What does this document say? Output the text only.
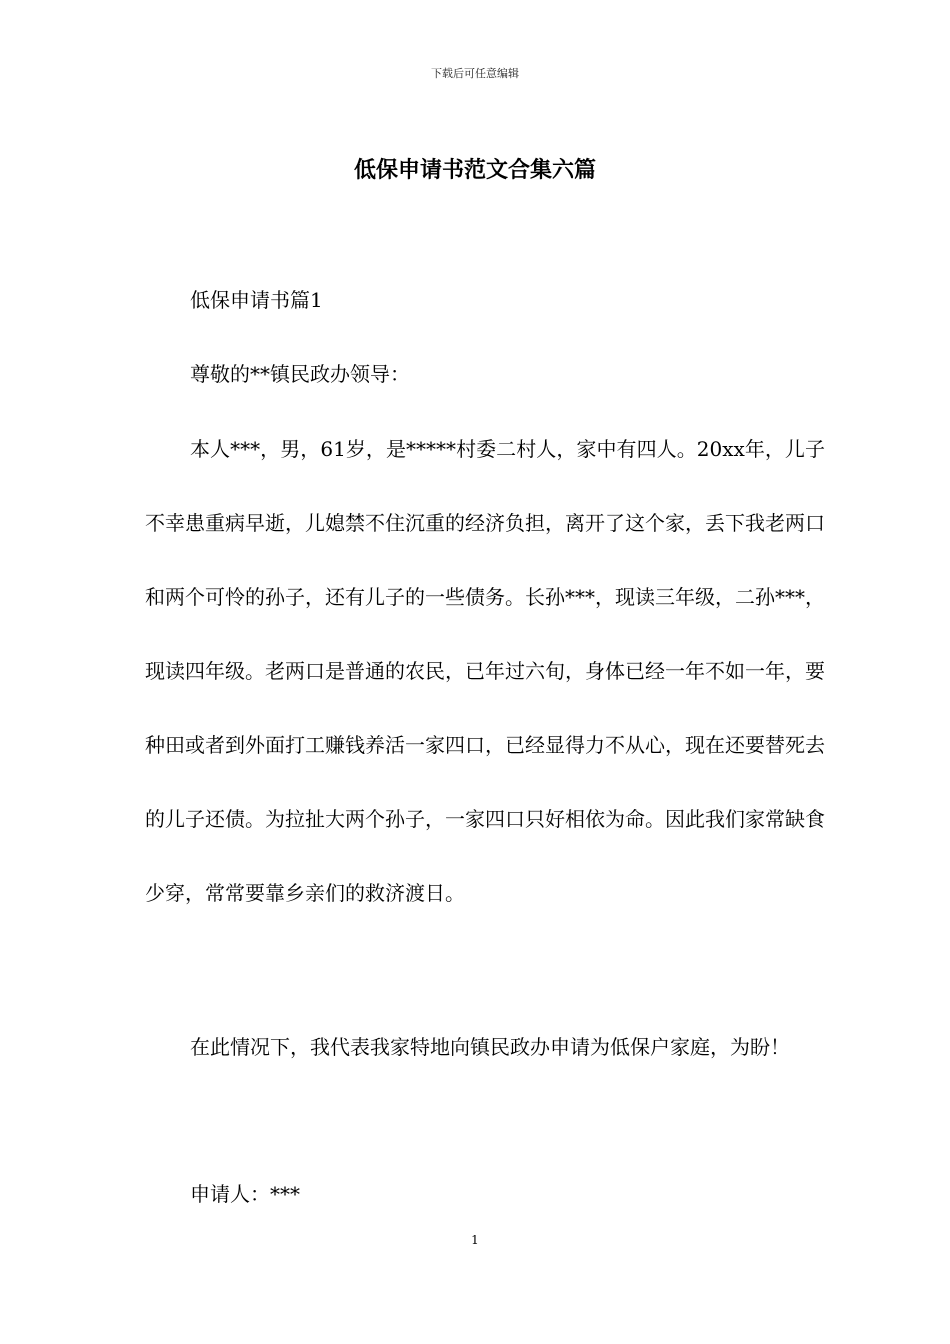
下载后可任意编辑
低保申请书范文合集六篇
低保申请书篇1
尊敬的**镇民政办领导：

本人***，男，61岁，是*****村委二村人，家中有四人。20xx年，儿子不幸患重病早逝，儿媳禁不住沉重的经济负担，离开了这个家，丢下我老两口和两个可怜的孙子，还有儿子的一些债务。长孙***，现读三年级，二孙***，现读四年级。老两口是普通的农民，已年过六旬，身体已经一年不如一年，要种田或者到外面打工赚钱养活一家四口，已经显得力不从心，现在还要替死去的儿子还债。为拉扯大两个孙子，一家四口只好相依为命。因此我们家常缺食少穿，常常要靠乡亲们的救济渡日。

在此情况下，我代表我家特地向镇民政办申请为低保户家庭，为盼！

申请人：***
1
